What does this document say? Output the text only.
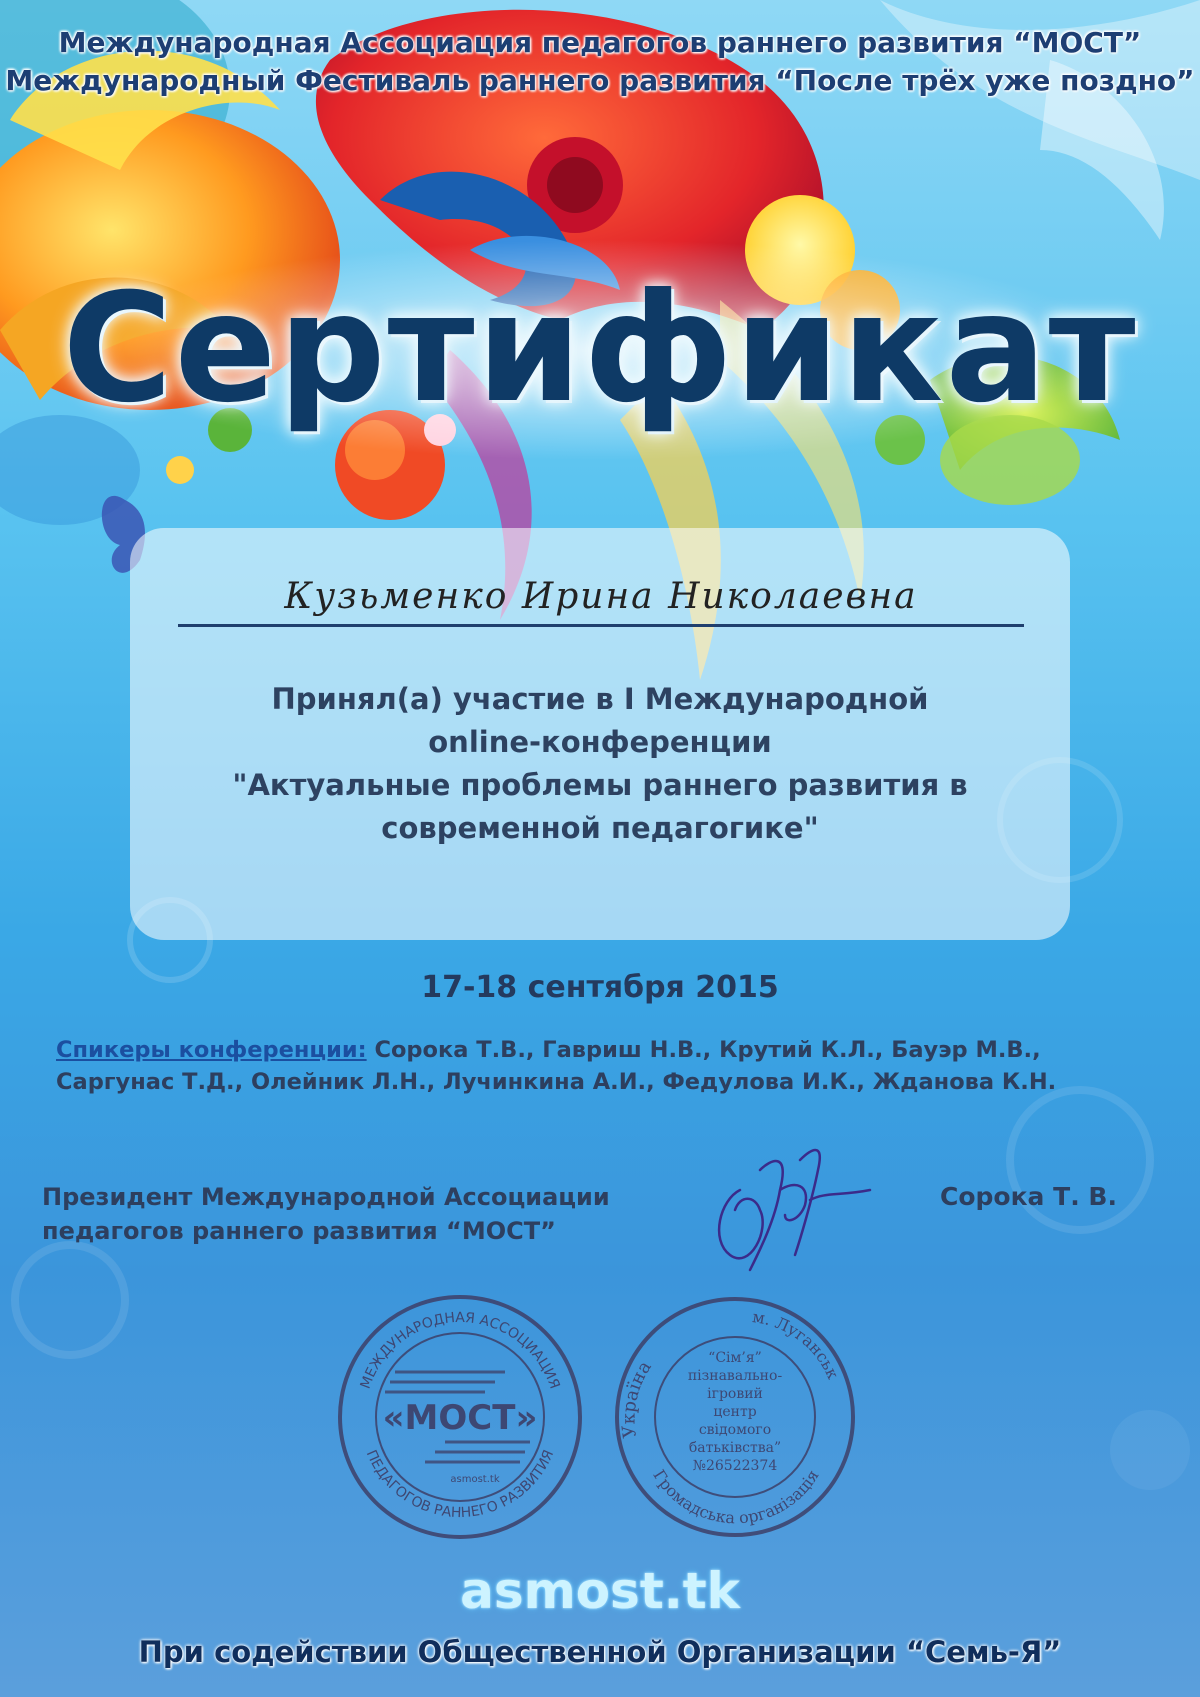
Международная Ассоциация педагогов раннего развития “МОСТ”
Международный Фестиваль раннего развития “После трёх уже поздно”
Сертификат
Кузьменко Ирина Николаевна
Принял(а) участие в I Международной
online-конференции
"Актуальные проблемы раннего развития в
современной педагогике"
17-18 сентября 2015
Спикеры конференции: Сорока Т.В., Гавриш Н.В., Крутий К.Л., Бауэр М.В.,
Саргунас Т.Д., Олейник Л.Н., Лучинкина А.И., Федулова И.К., Жданова К.Н.
Президент Международной Ассоциации
педагогов раннего развития “МОСТ”
Сорока Т. В.
МЕЖДУНАРОДНАЯ АССОЦИАЦИЯ
ПЕДАГОГОВ РАННЕГО РАЗВИТИЯ
«МОСТ»
asmost.tk
Україна
м. Луганськ
Громадська організація
“Сім’я”
пізнавально-
ігровий
центр
свідомого
батьківства”
№26522374
asmost.tk
При содействии Общественной Организации “Семь-Я”
